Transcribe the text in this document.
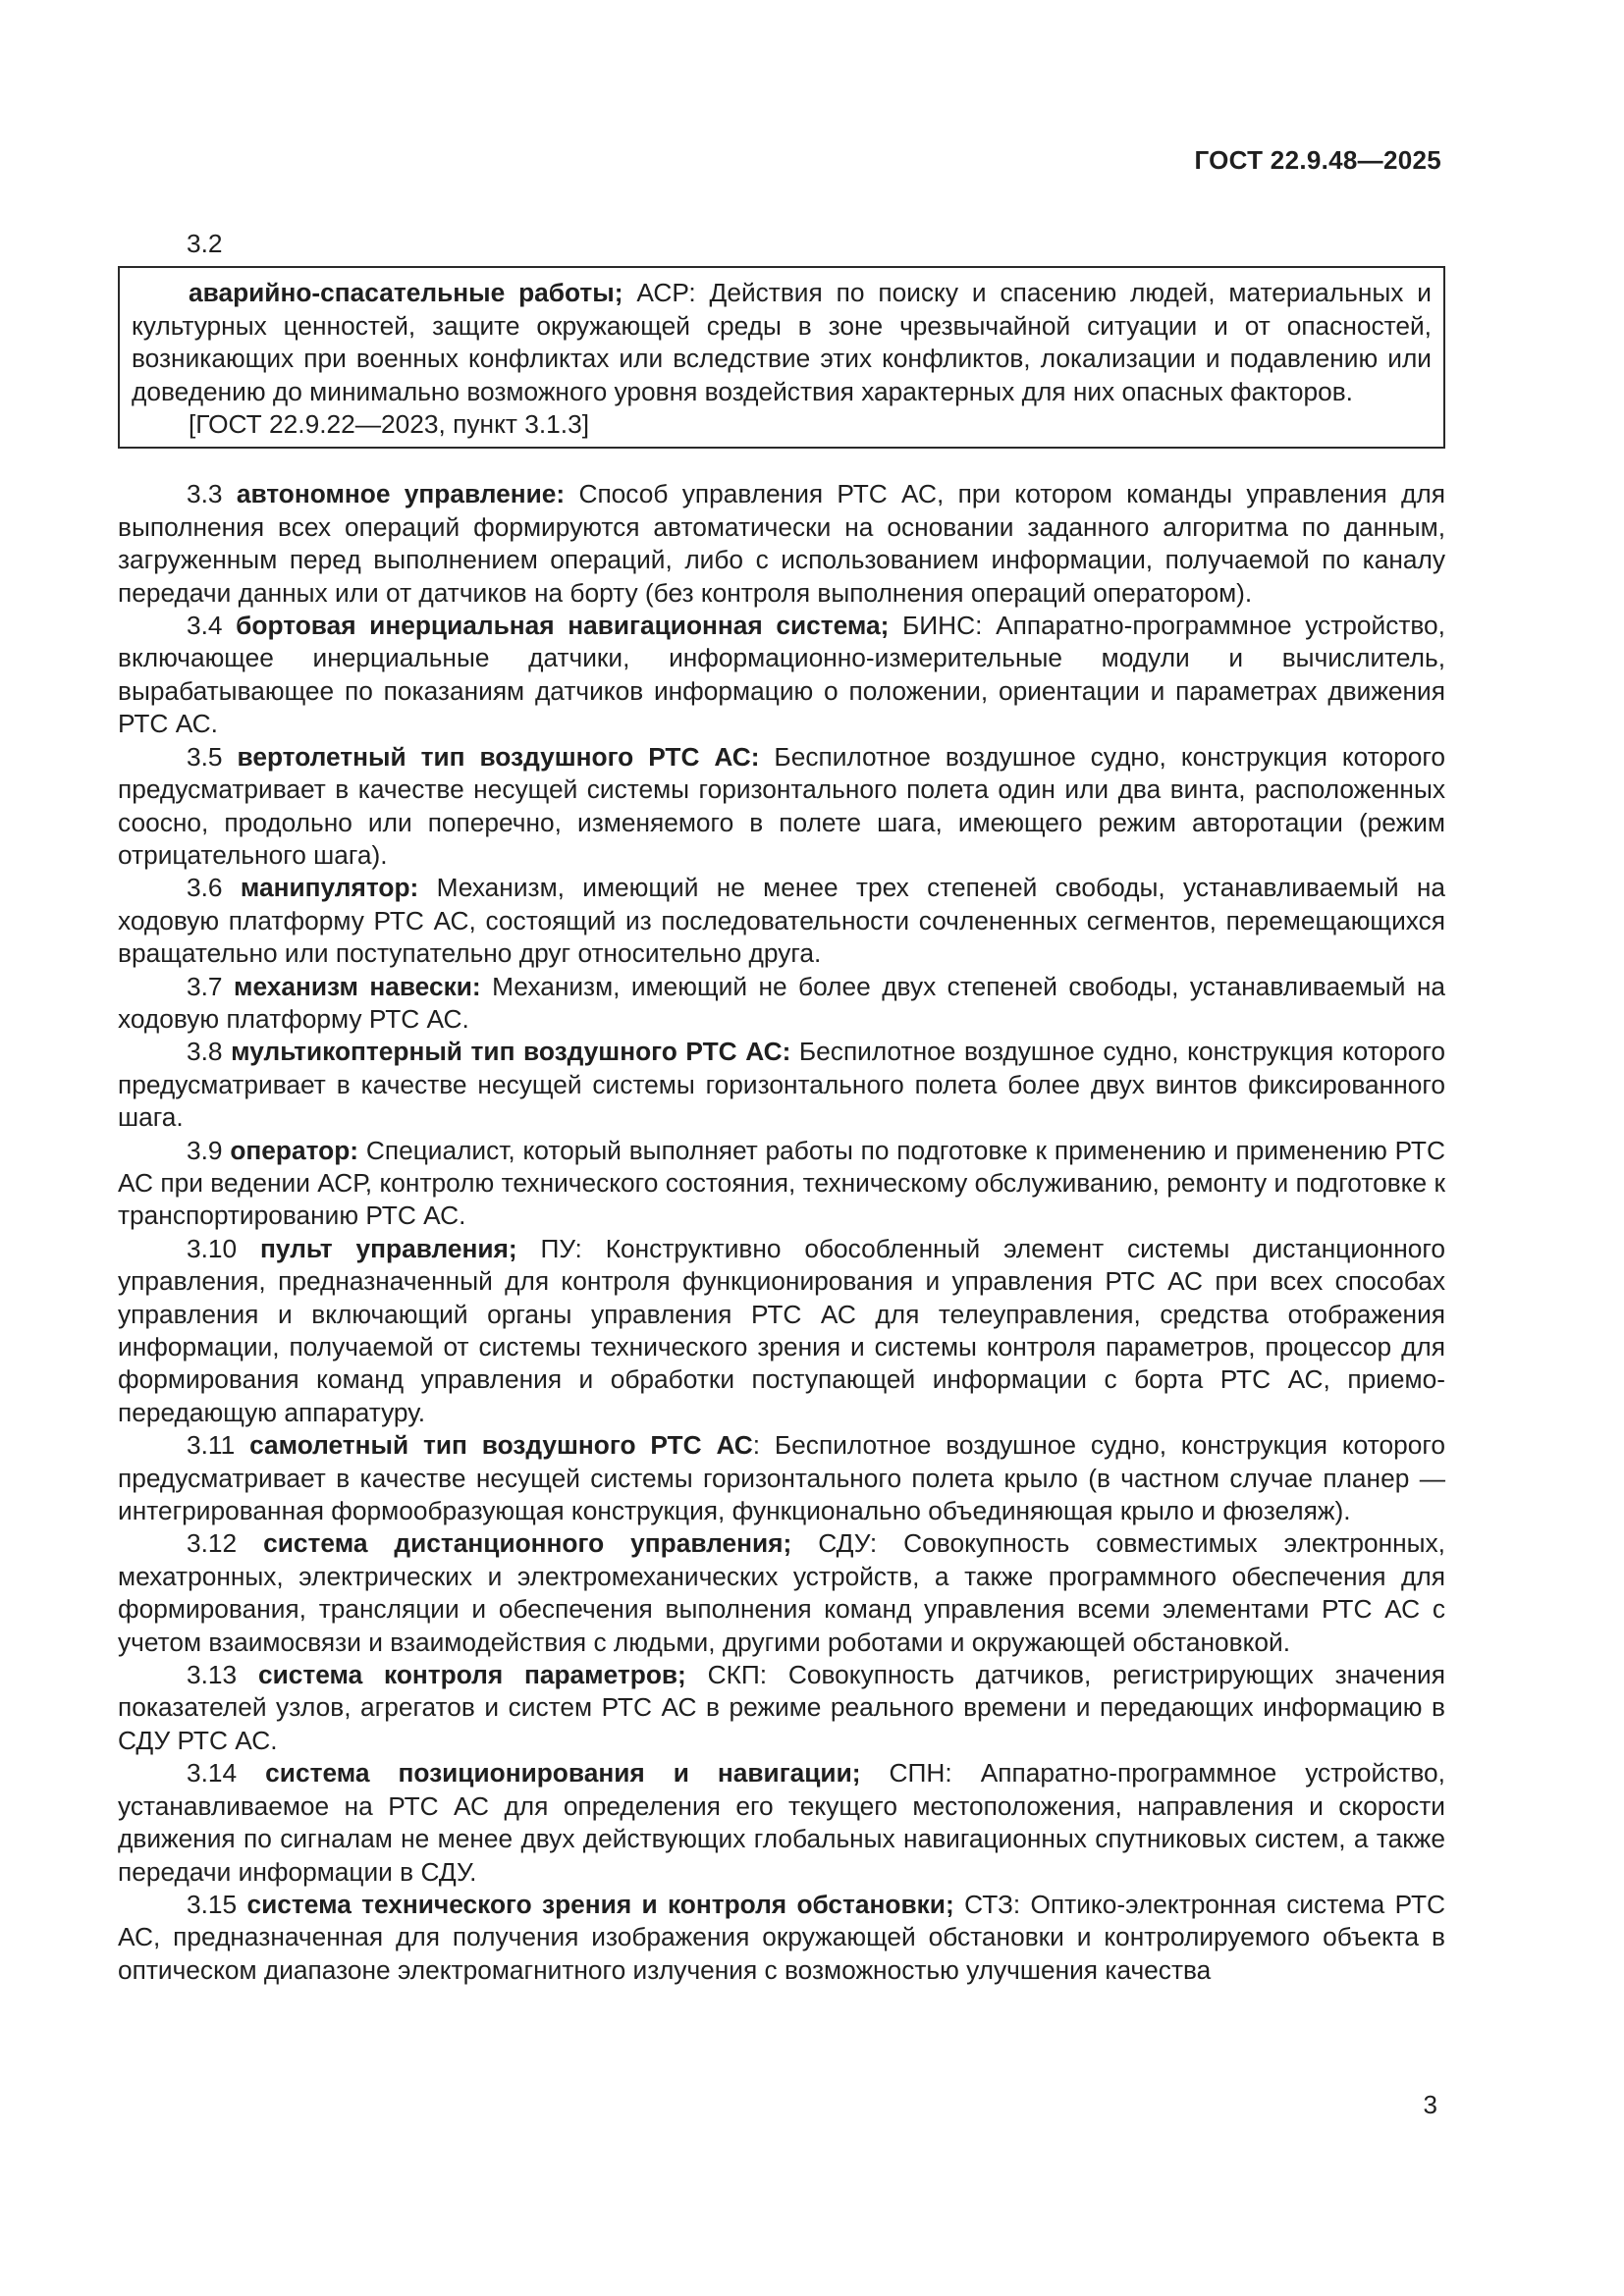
ГОСТ 22.9.48—2025
3.2

аварийно-спасательные работы; АСР: Действия по поиску и спасению людей, материальных и культурных ценностей, защите окружающей среды в зоне чрезвычайной ситуации и от опасностей, возникающих при военных конфликтах или вследствие этих конфликтов, локализации и подавлению или доведению до минимально возможного уровня воздействия характерных для них опасных факторов.

[ГОСТ 22.9.22—2023, пункт 3.1.3]

3.3 автономное управление: Способ управления РТС АС, при котором команды управления для выполнения всех операций формируются автоматически на основании заданного алгоритма по данным, загруженным перед выполнением операций, либо с использованием информации, получаемой по каналу передачи данных или от датчиков на борту (без контроля выполнения операций оператором).

3.4 бортовая инерциальная навигационная система; БИНС: Аппаратно-программное устройство, включающее инерциальные датчики, информационно-измерительные модули и вычислитель, вырабатывающее по показаниям датчиков информацию о положении, ориентации и параметрах движения РТС АС.

3.5 вертолетный тип воздушного РТС АС: Беспилотное воздушное судно, конструкция которого предусматривает в качестве несущей системы горизонтального полета один или два винта, расположенных соосно, продольно или поперечно, изменяемого в полете шага, имеющего режим авторотации (режим отрицательного шага).

3.6 манипулятор: Механизм, имеющий не менее трех степеней свободы, устанавливаемый на ходовую платформу РТС АС, состоящий из последовательности сочлененных сегментов, перемещающихся вращательно или поступательно друг относительно друга.

3.7 механизм навески: Механизм, имеющий не более двух степеней свободы, устанавливаемый на ходовую платформу РТС АС.

3.8 мультикоптерный тип воздушного РТС АС: Беспилотное воздушное судно, конструкция которого предусматривает в качестве несущей системы горизонтального полета более двух винтов фиксированного шага.

3.9 оператор: Специалист, который выполняет работы по подготовке к применению и применению РТС АС при ведении АСР, контролю технического состояния, техническому обслуживанию, ремонту и подготовке к транспортированию РТС АС.

3.10 пульт управления; ПУ: Конструктивно обособленный элемент системы дистанционного управления, предназначенный для контроля функционирования и управления РТС АС при всех способах управления и включающий органы управления РТС АС для телеуправления, средства отображения информации, получаемой от системы технического зрения и системы контроля параметров, процессор для формирования команд управления и обработки поступающей информации с борта РТС АС, приемо-передающую аппаратуру.

3.11 самолетный тип воздушного РТС АС: Беспилотное воздушное судно, конструкция которого предусматривает в качестве несущей системы горизонтального полета крыло (в частном случае планер — интегрированная формообразующая конструкция, функционально объединяющая крыло и фюзеляж).

3.12 система дистанционного управления; СДУ: Совокупность совместимых электронных, мехатронных, электрических и электромеханических устройств, а также программного обеспечения для формирования, трансляции и обеспечения выполнения команд управления всеми элементами РТС АС с учетом взаимосвязи и взаимодействия с людьми, другими роботами и окружающей обстановкой.

3.13 система контроля параметров; СКП: Совокупность датчиков, регистрирующих значения показателей узлов, агрегатов и систем РТС АС в режиме реального времени и передающих информацию в СДУ РТС АС.

3.14 система позиционирования и навигации; СПН: Аппаратно-программное устройство, устанавливаемое на РТС АС для определения его текущего местоположения, направления и скорости движения по сигналам не менее двух действующих глобальных навигационных спутниковых систем, а также передачи информации в СДУ.

3.15 система технического зрения и контроля обстановки; СТЗ: Оптико-электронная система РТС АС, предназначенная для получения изображения окружающей обстановки и контролируемого объекта в оптическом диапазоне электромагнитного излучения с возможностью улучшения качества

3
